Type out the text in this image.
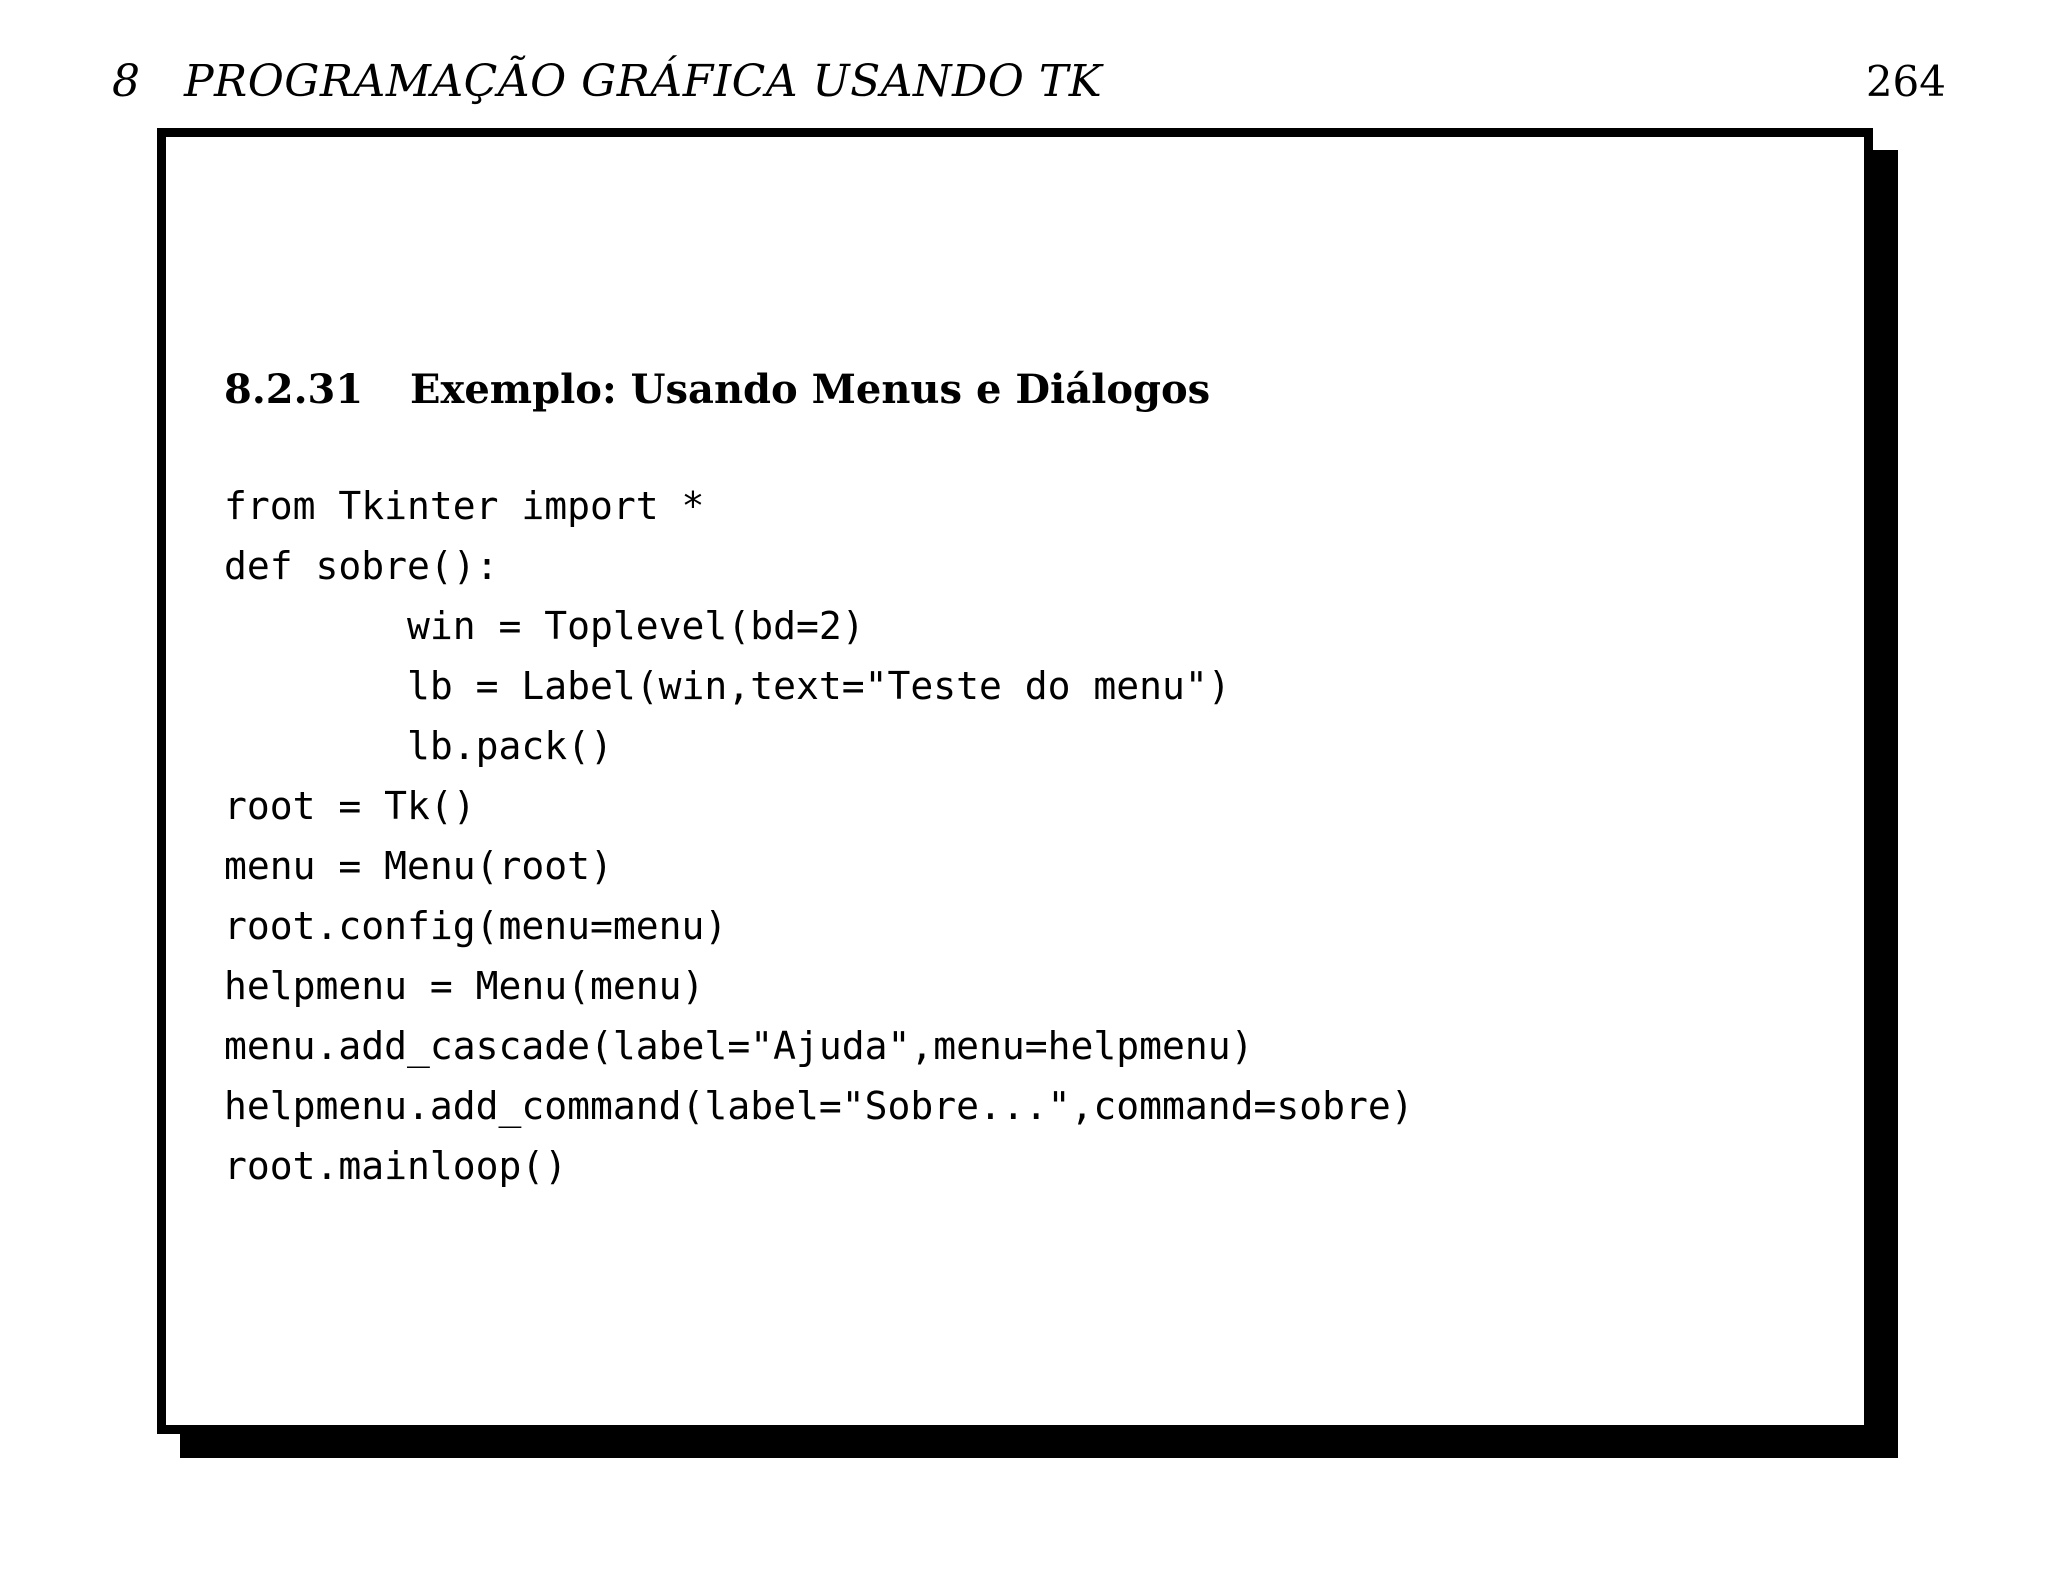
8   PROGRAMAÇÃO GRÁFICA USANDO TK	264
8.2.31 Exemplo: Usando Menus e Diálogos
from Tkinter import *
def sobre():
win = Toplevel(bd=2)
lb = Label(win,text="Teste do menu")
lb.pack()
root = Tk()
menu = Menu(root)
root.config(menu=menu)
helpmenu = Menu(menu)
menu.add_cascade(label="Ajuda",menu=helpmenu)
helpmenu.add_command(label="Sobre...",command=sobre)
root.mainloop()
